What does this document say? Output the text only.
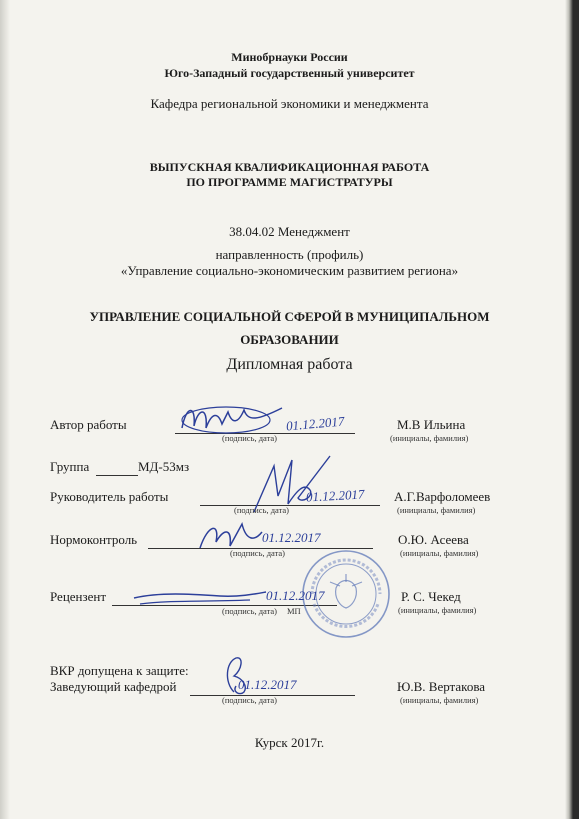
Минобрнауки России
Юго-Западный государственный университет
Кафедра региональной экономики и менеджмента
ВЫПУСКНАЯ КВАЛИФИКАЦИОННАЯ РАБОТА
ПО ПРОГРАММЕ МАГИСТРАТУРЫ
38.04.02 Менеджмент
направленность (профиль)
«Управление социально-экономическим развитием региона»
УПРАВЛЕНИЕ СОЦИАЛЬНОЙ СФЕРОЙ В МУНИЦИПАЛЬНОМ
ОБРАЗОВАНИИ
Дипломная работа
Автор работы	01.12.2017
(подпись, дата)
М.В Ильина
(инициалы, фамилия)
Группа	МД-53мз
Руководитель работы	01.12.2017
(подпись, дата)
А.Г.Варфоломеев
(инициалы, фамилия)
Нормоконтроль	01.12.2017
(подпись, дата)
О.Ю. Асеева
(инициалы, фамилия)
Рецензент	01.12.2017
(подпись, дата) МП
Р. С. Чекед
(инициалы, фамилия)
ВКР допущена к защите:
Заведующий кафедрой	01.12.2017
(подпись, дата)
Ю.В. Вертакова
(инициалы, фамилия)
Курск 2017г.
